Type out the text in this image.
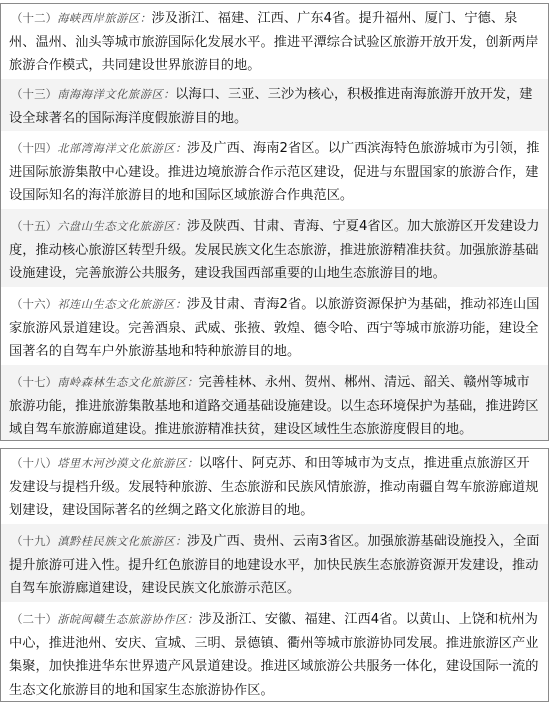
（十二）海峡西岸旅游区：涉及浙江、福建、江西、广东4省。提升福州、厦门、宁德、泉州、温州、汕头等城市旅游国际化发展水平。推进平潭综合试验区旅游开放开发，创新两岸旅游合作模式，共同建设世界旅游目的地。

（十三）南海海洋文化旅游区：以海口、三亚、三沙为核心，积极推进南海旅游开放开发，建设全球著名的国际海洋度假旅游目的地。

（十四）北部湾海洋文化旅游区：涉及广西、海南2省区。以广西滨海特色旅游城市为引领，推进国际旅游集散中心建设。推进边境旅游合作示范区建设，促进与东盟国家的旅游合作，建设国际知名的海洋旅游目的地和国际区域旅游合作典范区。

（十五）六盘山生态文化旅游区：涉及陕西、甘肃、青海、宁夏4省区。加大旅游区开发建设力度，推动核心旅游区转型升级。发展民族文化生态旅游，推进旅游精准扶贫。加强旅游基础设施建设，完善旅游公共服务，建设我国西部重要的山地生态旅游目的地。

（十六）祁连山生态文化旅游区：涉及甘肃、青海2省。以旅游资源保护为基础，推动祁连山国家旅游风景道建设。完善酒泉、武威、张掖、敦煌、德令哈、西宁等城市旅游功能，建设全国著名的自驾车户外旅游基地和特种旅游目的地。

（十七）南岭森林生态文化旅游区：完善桂林、永州、贺州、郴州、清远、韶关、赣州等城市旅游功能，推进旅游集散基地和道路交通基础设施建设。以生态环境保护为基础，推进跨区域自驾车旅游廊道建设。推进旅游精准扶贫，建设区域性生态旅游度假目的地。

（十八）塔里木河沙漠文化旅游区：以喀什、阿克苏、和田等城市为支点，推进重点旅游区开发建设与提档升级。发展特种旅游、生态旅游和民族风情旅游，推动南疆自驾车旅游廊道规划建设，建设国际著名的丝绸之路文化旅游目的地。

（十九）滇黔桂民族文化旅游区：涉及广西、贵州、云南3省区。加强旅游基础设施投入，全面提升旅游可进入性。提升红色旅游目的地建设水平，加快民族生态旅游资源开发建设，推动自驾车旅游廊道建设，建设民族文化旅游示范区。

（二十）浙皖闽赣生态旅游协作区：涉及浙江、安徽、福建、江西4省。以黄山、上饶和杭州为中心，推进池州、安庆、宣城、三明、景德镇、衢州等城市旅游协同发展。推进旅游区产业集聚，加快推进华东世界遗产风景道建设。推进区域旅游公共服务一体化，建设国际一流的生态文化旅游目的地和国家生态旅游协作区。
